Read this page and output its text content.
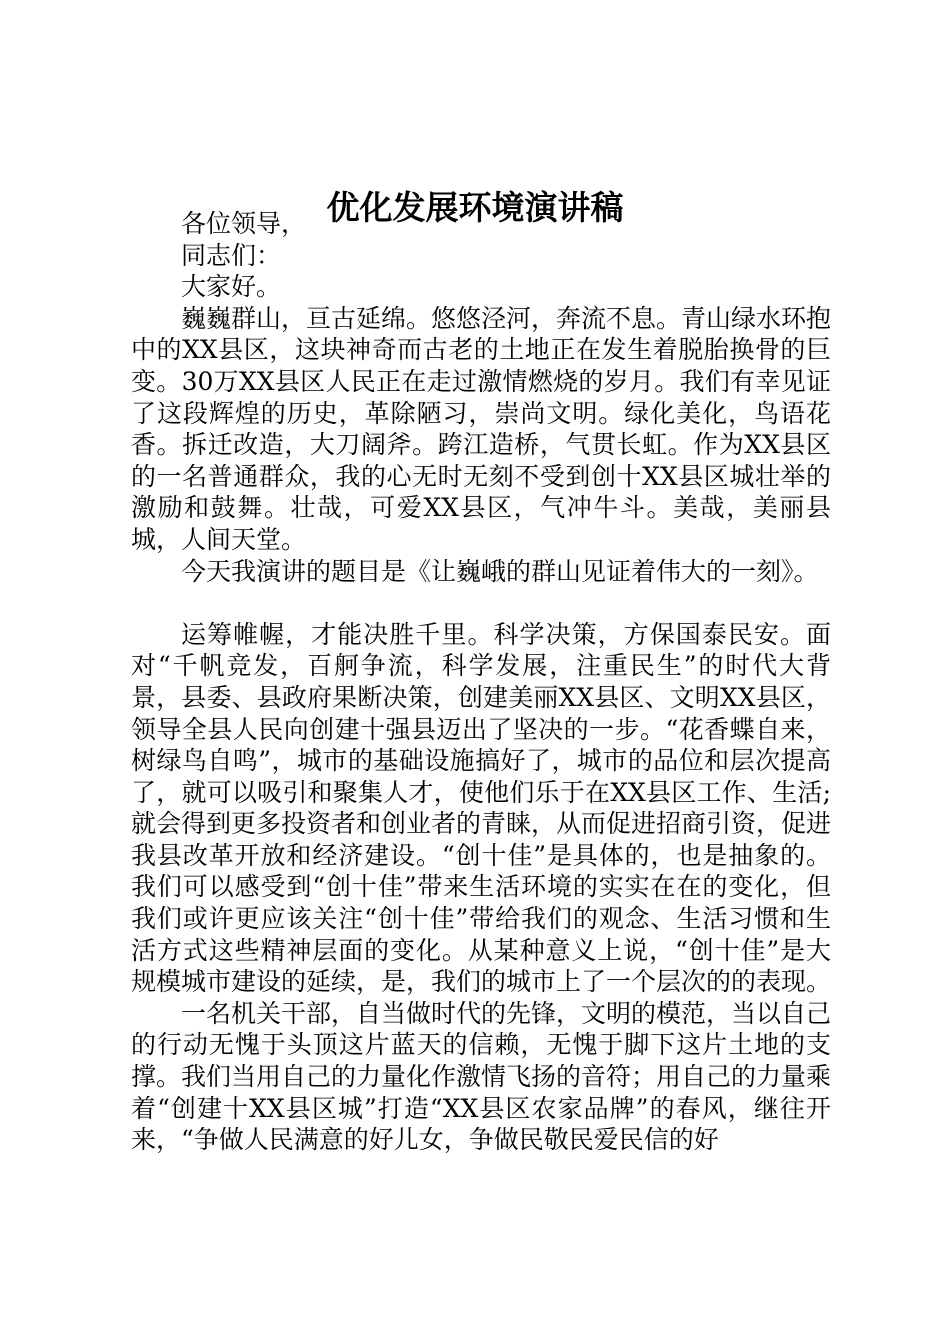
优化发展环境演讲稿

各位领导，

同志们：

大家好。

巍巍群山，亘古延绵。悠悠泾河，奔流不息。青山绿水环抱中的XX县区，这块神奇而古老的土地正在发生着脱胎换骨的巨变。30万XX县区人民正在走过激情燃烧的岁月。我们有幸见证了这段辉煌的历史，革除陋习，崇尚文明。绿化美化，鸟语花香。拆迁改造，大刀阔斧。跨江造桥，气贯长虹。作为XX县区的一名普通群众，我的心无时无刻不受到创十XX县区城壮举的激励和鼓舞。壮哉，可爱XX县区，气冲牛斗。美哉，美丽县城，人间天堂。

今天我演讲的题目是《让巍峨的群山见证着伟大的一刻》。

运筹帷幄，才能决胜千里。科学决策，方保国泰民安。面对“千帆竞发，百舸争流，科学发展，注重民生”的时代大背景，县委、县政府果断决策，创建美丽XX县区、文明XX县区，领导全县人民向创建十强县迈出了坚决的一步。“花香蝶自来，树绿鸟自鸣”，城市的基础设施搞好了，城市的品位和层次提高了，就可以吸引和聚集人才，使他们乐于在XX县区工作、生活;就会得到更多投资者和创业者的青睐，从而促进招商引资，促进我县改革开放和经济建设。“创十佳”是具体的，也是抽象的。我们可以感受到“创十佳”带来生活环境的实实在在的变化，但我们或许更应该关注“创十佳”带给我们的观念、生活习惯和生活方式这些精神层面的变化。从某种意义上说，“创十佳”是大规模城市建设的延续，是，我们的城市上了一个层次的的表现。

一名机关干部，自当做时代的先锋，文明的模范，当以自己的行动无愧于头顶这片蓝天的信赖，无愧于脚下这片土地的支撑。我们当用自己的力量化作激情飞扬的音符；用自己的力量乘着“创建十XX县区城”打造“XX县区农家品牌”的春风，继往开来，“争做人民满意的好儿女，争做民敬民爱民信的好
